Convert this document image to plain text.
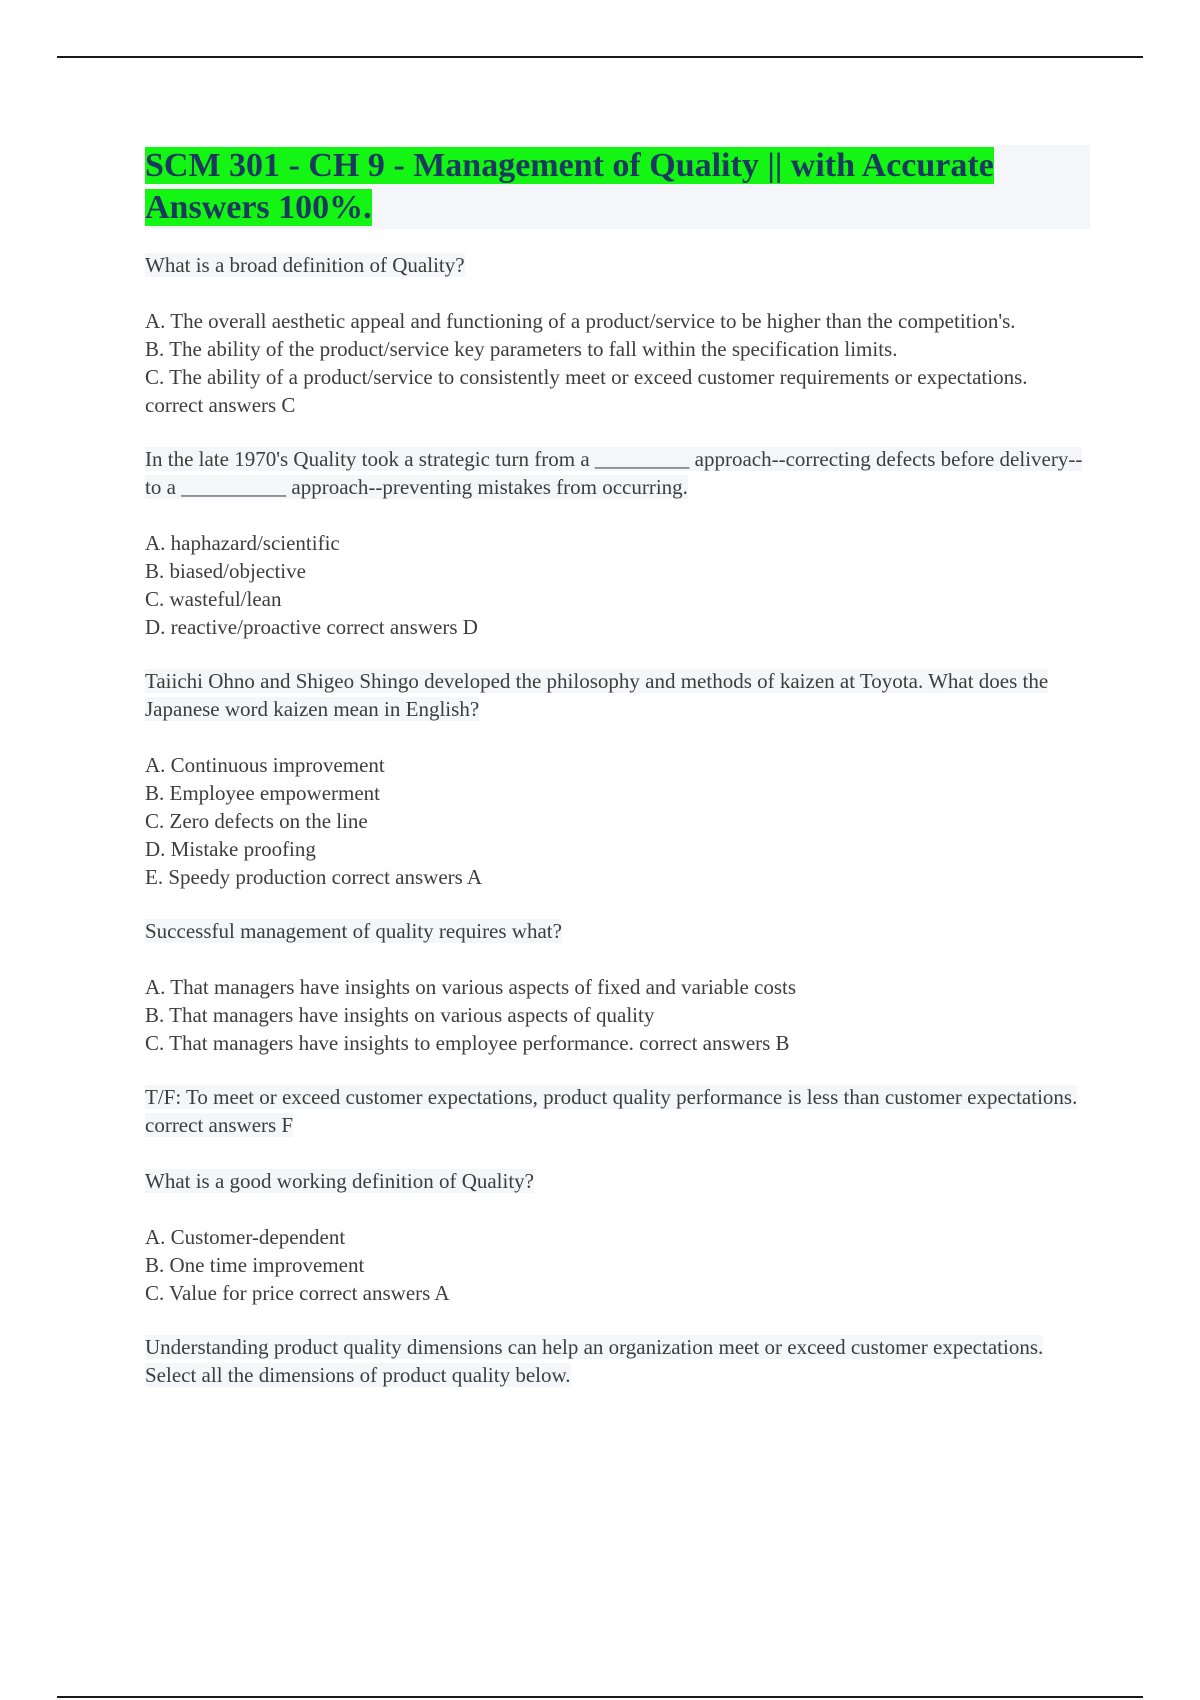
SCM 301 - CH 9 - Management of Quality || with Accurate Answers 100%.
What is a broad definition of Quality?
A. The overall aesthetic appeal and functioning of a product/service to be higher than the competition's.
B. The ability of the product/service key parameters to fall within the specification limits.
C. The ability of a product/service to consistently meet or exceed customer requirements or expectations. correct answers C
In the late 1970's Quality took a strategic turn from a _________ approach--correcting defects before delivery--to a __________ approach--preventing mistakes from occurring.
A. haphazard/scientific
B. biased/objective
C. wasteful/lean
D. reactive/proactive correct answers D
Taiichi Ohno and Shigeo Shingo developed the philosophy and methods of kaizen at Toyota. What does the Japanese word kaizen mean in English?
A. Continuous improvement
B. Employee empowerment
C. Zero defects on the line
D. Mistake proofing
E. Speedy production correct answers A
Successful management of quality requires what?
A. That managers have insights on various aspects of fixed and variable costs
B. That managers have insights on various aspects of quality
C. That managers have insights to employee performance. correct answers B
T/F: To meet or exceed customer expectations, product quality performance is less than customer expectations. correct answers F
What is a good working definition of Quality?
A. Customer-dependent
B. One time improvement
C. Value for price correct answers A
Understanding product quality dimensions can help an organization meet or exceed customer expectations. Select all the dimensions of product quality below.
